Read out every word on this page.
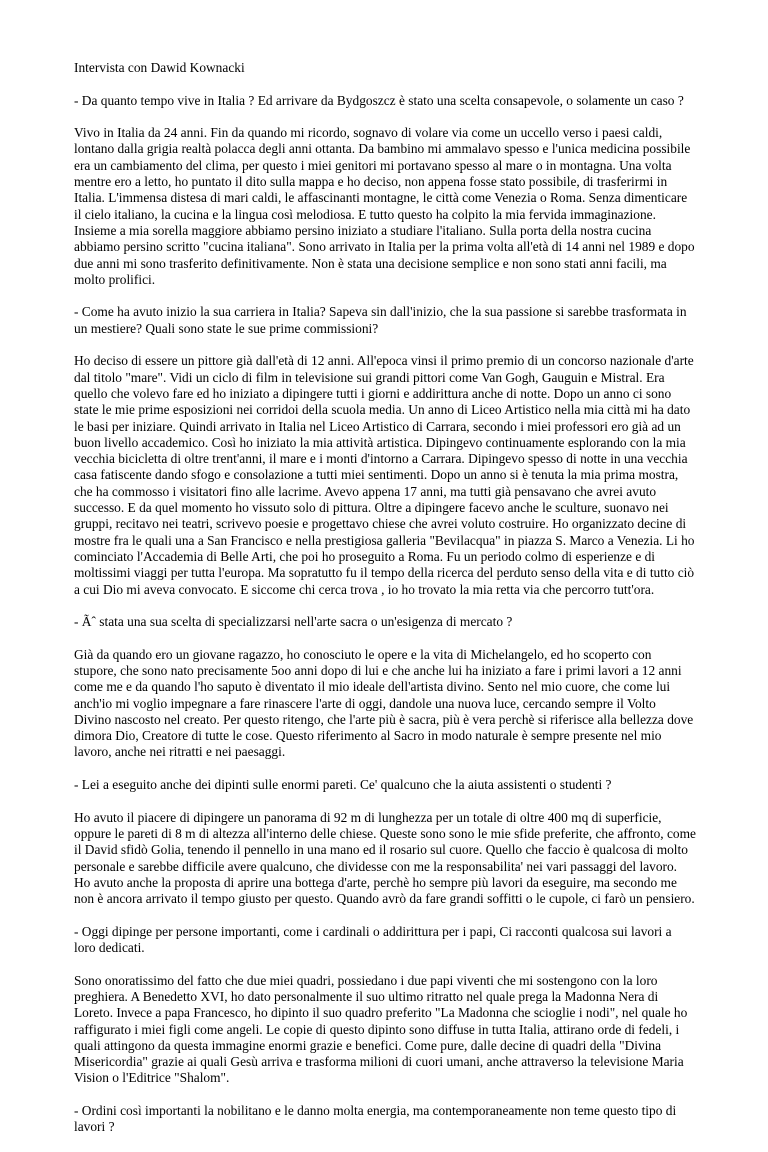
Intervista con Dawid Kownacki

- Da quanto tempo vive in Italia ? Ed arrivare da Bydgoszcz è stato una scelta consapevole, o solamente un caso ?

Vivo in Italia da 24 anni. Fin da quando mi ricordo, sognavo di volare via come un uccello verso i paesi caldi, lontano dalla grigia realtà polacca degli anni ottanta. Da bambino mi ammalavo spesso e l'unica medicina possibile era un cambiamento del clima, per questo i miei genitori mi portavano spesso al mare o in montagna. Una volta mentre ero a letto, ho puntato il dito sulla mappa e ho deciso, non appena fosse stato possibile, di trasferirmi in Italia. L'immensa distesa di mari caldi, le affascinanti montagne, le città come Venezia o Roma. Senza dimenticare il cielo italiano, la cucina e la lingua così melodiosa. E tutto questo ha colpito la mia fervida immaginazione. Insieme a mia sorella maggiore abbiamo persino iniziato a studiare l'italiano. Sulla porta della nostra cucina abbiamo persino scritto "cucina italiana". Sono arrivato in Italia per la prima volta all'età di 14 anni nel 1989 e dopo due anni mi sono trasferito definitivamente. Non è stata una decisione semplice e non sono stati anni facili, ma molto prolifici.

- Come ha avuto inizio la sua carriera in Italia? Sapeva sin dall'inizio, che la sua passione si sarebbe trasformata in un mestiere? Quali sono state le sue prime commissioni?

Ho deciso di essere un pittore già dall'età di 12 anni. All'epoca vinsi il primo premio di un concorso nazionale d'arte dal titolo "mare". Vidi un ciclo di film in televisione sui grandi pittori come Van Gogh, Gauguin e Mistral. Era quello che volevo fare ed ho iniziato a dipingere tutti i giorni e addirittura anche di notte. Dopo un anno ci sono state le mie prime esposizioni nei corridoi della scuola media. Un anno di Liceo Artistico nella mia città mi ha dato le basi per iniziare. Quindi arrivato in Italia nel Liceo Artistico di Carrara, secondo i miei professori ero già ad un buon livello accademico. Così ho iniziato la mia attività artistica. Dipingevo continuamente esplorando con la mia vecchia bicicletta di oltre trent'anni, il mare e i monti d'intorno a Carrara. Dipingevo spesso di notte in una vecchia casa fatiscente dando sfogo e consolazione a tutti miei sentimenti. Dopo un anno si è tenuta la mia prima mostra, che ha commosso i visitatori fino alle lacrime. Avevo appena 17 anni, ma tutti già pensavano che avrei avuto successo. E da quel momento ho vissuto solo di pittura. Oltre a dipingere facevo anche le sculture, suonavo nei gruppi, recitavo nei teatri, scrivevo poesie e progettavo chiese che avrei voluto costruire. Ho organizzato decine di mostre fra le quali una a San Francisco e nella prestigiosa galleria "Bevilacqua" in piazza S. Marco a Venezia. Li ho cominciato l'Accademia di Belle Arti, che poi ho proseguito a Roma. Fu un periodo colmo di esperienze e di moltissimi viaggi per tutta l'europa. Ma sopratutto fu il tempo della ricerca del perduto senso della vita e di tutto ciò a cui Dio mi aveva convocato. E siccome chi cerca trova , io ho trovato la mia retta via che percorro tutt'ora.

- Ãˆ stata una sua scelta di specializzarsi nell'arte sacra o un'esigenza di mercato ?

Già da quando ero un giovane ragazzo, ho conosciuto le opere e la vita di Michelangelo, ed ho scoperto con stupore, che sono nato precisamente 5oo anni dopo di lui e che anche lui ha iniziato a fare i primi lavori a 12 anni come me e da quando l'ho saputo è diventato il mio ideale dell'artista divino. Sento nel mio cuore, che come lui anch'io mi voglio impegnare a fare rinascere l'arte di oggi, dandole una nuova luce, cercando sempre il Volto Divino nascosto nel creato. Per questo ritengo, che l'arte più è sacra, più è vera perchè si riferisce alla bellezza dove dimora Dio, Creatore di tutte le cose. Questo riferimento al Sacro in modo naturale è sempre presente nel mio lavoro, anche nei ritratti e nei paesaggi.

- Lei a eseguito anche dei dipinti sulle enormi pareti. Ce' qualcuno che la aiuta assistenti o studenti ?

Ho avuto il piacere di dipingere un panorama di 92 m di lunghezza per un totale di oltre 400 mq di superficie, oppure le pareti di 8 m di altezza all'interno delle chiese. Queste sono sono le mie sfide preferite, che affronto, come il David sfidò Golia, tenendo il pennello in una mano ed il rosario sul cuore. Quello che faccio è qualcosa di molto personale e sarebbe difficile avere qualcuno, che dividesse con me la responsabilita' nei vari passaggi del lavoro. Ho avuto anche la proposta di aprire una bottega d'arte, perchè ho sempre più lavori da eseguire, ma secondo me non è ancora arrivato il tempo giusto per questo. Quando avrò da fare grandi soffitti o le cupole, ci farò un pensiero.

- Oggi dipinge per persone importanti, come i cardinali o addirittura per i papi, Ci racconti qualcosa sui lavori a loro dedicati.

Sono onoratissimo del fatto che due miei quadri, possiedano i due papi viventi che mi sostengono con la loro preghiera. A Benedetto XVI, ho dato personalmente il suo ultimo ritratto nel quale prega la Madonna Nera di Loreto. Invece a papa Francesco, ho dipinto il suo quadro preferito "La Madonna che scioglie i nodi", nel quale ho raffigurato i miei figli come angeli. Le copie di questo dipinto sono diffuse in tutta Italia, attirano orde di fedeli, i quali attingono da questa immagine enormi grazie e benefici. Come pure, dalle decine di quadri della "Divina Misericordia" grazie ai quali Gesù arriva e trasforma milioni di cuori umani, anche attraverso la televisione Maria Vision o l'Editrice "Shalom".

- Ordini così importanti la nobilitano e le danno molta energia, ma contemporaneamente non teme questo tipo di lavori ?
